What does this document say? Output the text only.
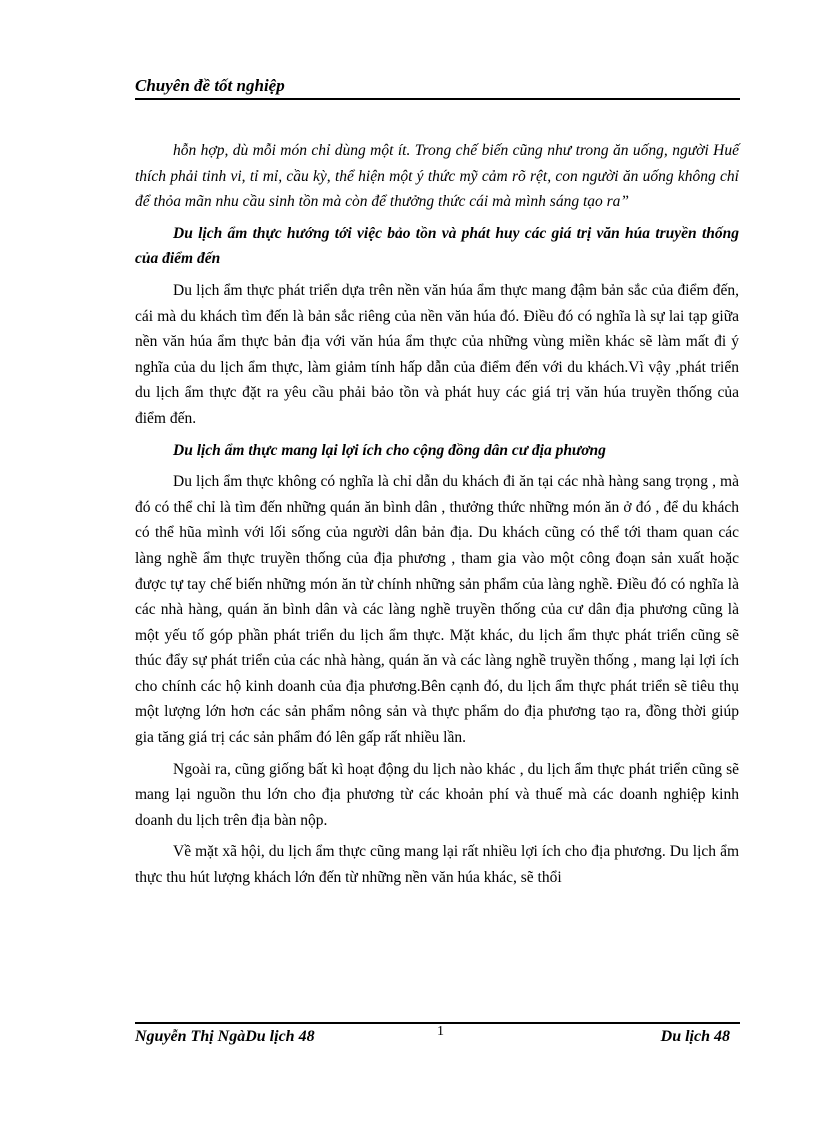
Chuyên đề tốt nghiệp

hỗn hợp, dù mỗi món chỉ dùng một ít. Trong chế biến cũng như trong ăn uống, người Huế thích phải tinh vi, tỉ mỉ, cầu kỳ, thể hiện một ý thức mỹ cảm rõ rệt, con người ăn uống không chỉ để thỏa mãn nhu cầu sinh tồn mà còn để thưởng thức cái mà mình sáng tạo ra”

Du lịch ẩm thực hướng tới việc bảo tồn và phát huy các giá trị văn húa truyền thống của điểm đến

Du lịch ẩm thực phát triển dựa trên nền văn húa ẩm thực mang đậm bản sắc của điểm đến, cái mà du khách tìm đến là bản sắc riêng của nền văn húa đó. Điều đó có nghĩa là sự lai tạp giữa nền văn húa ẩm thực bản địa với văn húa ẩm thực của những vùng miền khác sẽ làm mất đi ý nghĩa của du lịch ẩm thực, làm giảm tính hấp dẫn của điểm đến với du khách.Vì vậy ,phát triển du lịch ẩm thực đặt ra yêu cầu phải bảo tồn và phát huy các giá trị văn húa truyền thống của điểm đến.

Du lịch ẩm thực mang lại lợi ích cho cộng đồng dân cư địa phương

Du lịch ẩm thực không có nghĩa là chỉ dẫn du khách đi ăn tại các nhà hàng sang trọng , mà đó có thể chỉ là tìm đến những quán ăn bình dân , thưởng thức những món ăn ở đó , để du khách có thể hũa mình với lối sống của người dân bản địa. Du khách cũng có thể tới tham quan các làng nghề ẩm thực truyền thống của địa phương , tham gia vào một công đoạn sản xuất hoặc được tự tay chế biến những món ăn từ chính những sản phẩm của làng nghề. Điều đó có nghĩa là các nhà hàng, quán ăn bình dân và các làng nghề truyền thống của cư dân địa phương cũng là một yếu tố góp phần phát triển du lịch ẩm thực. Mặt khác, du lịch ẩm thực phát triển cũng sẽ thúc đẩy sự phát triển của các nhà hàng, quán ăn và các làng nghề truyền thống , mang lại lợi ích cho chính các hộ kinh doanh của địa phương.Bên cạnh đó, du lịch ẩm thực phát triển sẽ tiêu thụ một lượng lớn hơn các sản phẩm nông sản và thực phẩm do địa phương tạo ra, đồng thời giúp gia tăng giá trị các sản phẩm đó lên gấp rất nhiều lần.

Ngoài ra, cũng giống bất kì hoạt động du lịch nào khác , du lịch ẩm thực phát triển cũng sẽ mang lại nguồn thu lớn cho địa phương từ các khoản phí và thuế mà các doanh nghiệp kinh doanh du lịch trên địa bàn nộp.

Về mặt xã hội, du lịch ẩm thực cũng mang lại rất nhiều lợi ích cho địa phương. Du lịch ẩm thực thu hút lượng khách lớn đến từ những nền văn húa khác, sẽ thổi

Nguyễn Thị NgàDu lịch 48	1	Du lịch 48
